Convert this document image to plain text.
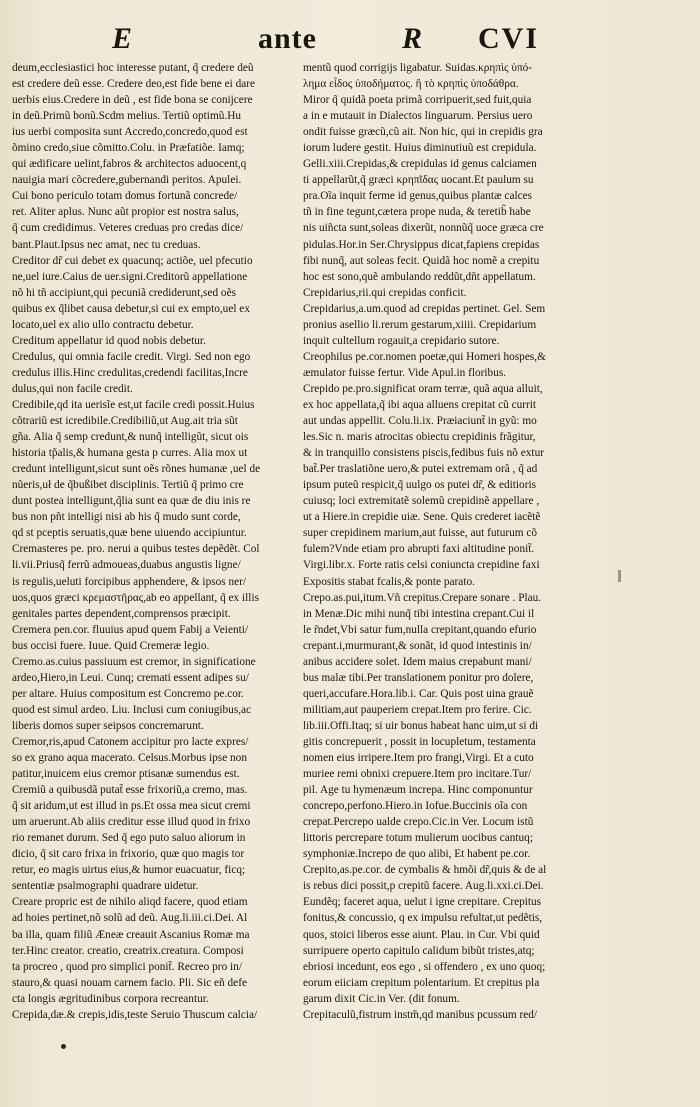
E	ante	R CVI
deum,ecclesiastici hoc interesse putant, q̃ credere deũ
est credere deũ esse. Credere deo,est fide bene ei dare
uerbis eius.Credere in deũ , est fide bona se conijcere
in deũ.Primũ bonũ.Scdm melius. Tertiũ optimũ.Hu
ius uerbi composita sunt Accredo,concredo,quod est
õmino credo,siue cõmitto.Colu. in Præfatiõe. Iamq;
qui ædificare uelint,fabros & architectos aduocent,q
nauigia mari cõcredere,gubernandi peritos. Apulei.
Cui bono periculo totam domus fortunã concrede/
ret. Aliter aplus. Nunc aũt propior est nostra salus,
q̃ cum credidimus. Veteres creduas pro credas dice/
bant.Plaut.Ipsus nec amat, nec tu creduas.
Creditor dr̃ cui debet ex quacunq; actiõe, uel pfecutio
ne,uel iure.Caius de uer.signi.Creditorũ appellatione
nõ hi tñ accipiunt,qui pecuniã crediderunt,sed oẽs
quibus ex q̃libet causa debetur,si cui ex empto,uel ex
locato,uel ex alio ullo contractu debetur.
Creditum appellatur id quod nobis debetur.
Credulus, qui omnia facile credit. Virgi. Sed non ego
credulus illis.Hinc credulitas,credendi facilitas,Incre
dulus,qui non facile credit.
Credibile,qd ita uerisĩe est,ut facile credi possit.Huius
cõtrariũ est icredibile.Credibiliũ,ut Aug.ait tria sũt
gña. Alia q̃ semp credunt,& nunq̃ intelligũt, sicut ois
historia tp̃alis,& humana gesta p curres. Alia mox ut
credunt intelligunt,sicut sunt oẽs rõnes humanæ ,uel de
nũeris,uł de q̃bußibet disciplinis. Tertiũ q̃ primo cre
dunt postea intelligunt,q̃lia sunt ea quæ de diu inis re
bus non pñt intelligi nisi ab his q̃ mudo sunt corde,
qd st pceptis seruatis,quæ bene uiuendo accipiuntur.
Cremasteres pe. pro. nerui a quibus testes depẽdẽt. Col
li.vii.Priusq̃ ferrũ admoueas,duabus angustis ligne/
is regulis,ueluti forcipibus apphendere, & ipsos ner/
uos,quos græci κρεμαστῆρας,ab eo appellant, q̃ ex illis
genitales partes dependent,comprensos præcipit.
Cremera pen.cor. fluuius apud quem Fabij a Veienti/
bus occisi fuere. Iuue. Quid Cremeræ legio.
Cremo.as.cuius passiuum est cremor, in significatione
ardeo,Hiero,in Leui. Cunq; cremati essent adipes su/
per altare. Huius compositum est Concremo pe.cor.
quod est simul ardeo. Liu. Inclusi cum coniugibus,ac
liberis domos super seipsos concremarunt.
Cremor,ris,apud Catonem accipitur pro lacte expres/
so ex grano aqua macerato. Celsus.Morbus ipse non
patitur,inuicem eius cremor ptisanæ sumendus est.
Cremiũ a quibusdã putat̃ esse frixoriũ,a cremo, mas.
q̃ sit aridum,ut est illud in ps.Et ossa mea sicut cremi
um aruerunt.Ab aliis creditur esse illud quod in frixo
rio remanet durum. Sed q̃ ego puto saluo aliorum in
dicio, q̃ sit caro frixa in frixorio, quæ quo magis tor
retur, eo magis uirtus eius,& humor euacuatur, ficq;
sententiæ psalmographi quadrare uidetur.
Creare propric est de nihilo aliqd facere, quod etiam
ad hoies pertinet,nõ solũ ad deũ. Aug.li.iii.ci.Dei. Al
ba illa, quam filiũ Æneæ creauit Ascanius Romæ ma
ter.Hinc creator. creatio, creatrix.creatura. Composi
ta procreo , quod pro simplici ponit̃. Recreo pro in/
stauro,& quasi nouam carnem facio. Pli. Sic eñ defe
cta longis ægritudinibus corpora recreantur.
Crepida,dæ.& crepis,idis,teste Seruio Thuscum calcia/
mentũ quod corrigijs ligabatur. Suidas.κρηπὶς ὑπό-
λημα εἶδος ὑποδήματος. ἢ τὸ κρηπὶς ὑποδάθρα.
Miror q̃ quidã poeta primã corripuerit,sed fuit,quia
a in e mutauit in Dialectos linguarum. Persius uero
ondit fuisse græcũ,cũ ait. Non hic, qui in crepidis gra
iorum ludere gestit. Huius diminutiuũ est crepidula.
Gelli.xiii.Crepidas,& crepidulas id genus calciamen
ti appellarũt,q̃ græci κρηπῖδας uocant.Et paulum su
pra.Oĩa inquit ferme id genus,quibus plantæ calces
tñ in fine tegunt,cætera prope nuda, & teretib̃ habe
nis uiñcta sunt,soleas dixerũt, nonnũq̃ uoce græca cre
pidulas.Hor.in Ser.Chrysippus dicat,fapiens crepidas
fibi nunq̃, aut soleas fecit. Quidã hoc nomẽ a crepitu
hoc est sono,quẽ ambulando reddũt,dñt appellatum.
Crepidarius,rii.qui crepidas conficit.
Crepidarius,a.um.quod ad crepidas pertinet. Gel. Sem
pronius asellio li.rerum gestarum,xiiii. Crepidarium
inquit cultellum rogauit,a crepidario sutore.
Creophilus pe.cor.nomen poetæ,qui Homeri hospes,&
æmulator fuisse fertur. Vide Apul.in floribus.
Crepido pe.pro.significat oram terræ, quã aqua alluit,
ex hoc appellata,q̃ ibi aqua alluens crepitat cũ currit
aut undas appellit. Colu.li.ix. Præiaciunt̃ in gyũ: mo
les.Sic n. maris atrocitas obiectu crepidinis frãgitur,
& in tranquillo consistens piscis,fedibus fuis nõ extur
bat̃.Per traslatiõne uero,& putei extremam orã , q̃ ad
ipsum puteũ respicit,q̃ uulgo os putei dr̃, & editioris
cuiusq; loci extremitatẽ solemũ crepidinẽ appellare ,
ut a Hiere.in crepidie uiæ. Sene. Quis crederet iacẽtẽ
super crepidinem marium,aut fuisse, aut futurum cõ
fulem?Vnde etiam pro abrupti faxi altitudine ponit̃.
Virgi.libr.x. Forte ratis celsi coniuncta crepidine faxi
Expositis stabat fcalis,& ponte parato.
Crepo.as.pui,itum.Vñ crepitus.Crepare sonare . Plau.
in Menæ.Dic mihi nunq̃ tibi intestina crepant.Cui il
le r̃ndet,Vbi satur fum,nulla crepitant,quando efurio
crepant.i,murmurant,& sonãt, id quod intestinis in/
anibus accidere solet. Idem maius crepabunt mani/
bus malæ tibi.Per translationem ponitur pro dolere,
queri,accufare.Hora.lib.i. Car. Quis post uina grauẽ
militiam,aut pauperiem crepat.Item pro ferire. Cic.
lib.iii.Offi.Itaq; si uir bonus habeat hanc uim,ut si di
gitis concrepuerit , possit in locupletum, testamenta
nomen eius irripere.Item pro frangi,Virgi. Et a cuto
muriee remi obnixi crepuere.Item pro incitare.Tur/
pil. Age tu hymenæum increpa. Hinc componuntur
concrepo,perfono.Hiero.in Iofue.Buccinis oĩa con
crepat.Percrepo ualde crepo.Cic.in Ver. Locum istũ
littoris percrepare totum mulierum uocibus cantuq;
symphoniæ.Increpo de quo alibi, Et habent pe.cor.
Crepito,as.pe.cor. de cymbalis & hmõi dr̃,quis & de al
is rebus dici possit,p crepitũ facere. Aug.li.xxi.ci.Dei.
Eundẽq; faceret aqua, uelut i igne crepitare. Crepitus
fonitus,& concussio, q ex impulsu refultat,ut pedẽtis,
quos, stoici liberos esse aiunt. Plau. in Cur. Vbi quid
surripuere operto capitulo calidum bibũt tristes,atq;
ebriosi incedunt, eos ego , si offendero , ex uno quoq;
eorum eiiciam crepitum polentarium. Et crepitus pla
garum dixit Cic.in Ver. (dit fonum.
Crepitaculũ,fistrum instm̃,qd manibus pcussum red/
